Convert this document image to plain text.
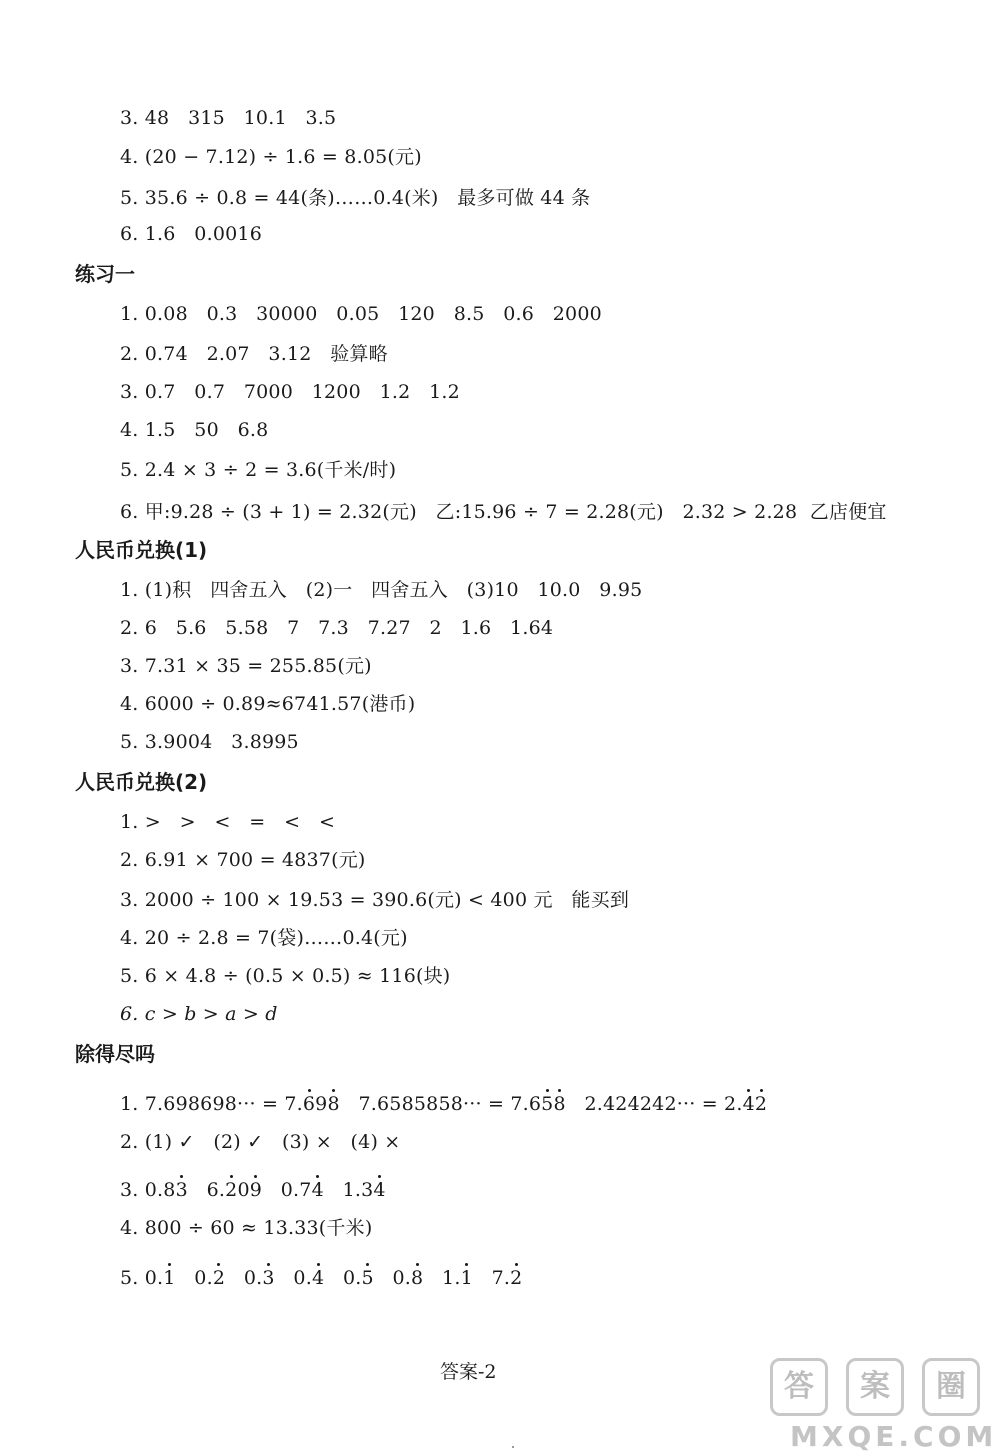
3. 48   315   10.1   3.5
4. (20 − 7.12) ÷ 1.6 = 8.05(元)
5. 35.6 ÷ 0.8 = 44(条)……0.4(米)   最多可做 44 条
6. 1.6   0.0016
练习一
1. 0.08   0.3   30000   0.05   120   8.5   0.6   2000
2. 0.74   2.07   3.12   验算略
3. 0.7   0.7   7000   1200   1.2   1.2
4. 1.5   50   6.8
5. 2.4 × 3 ÷ 2 = 3.6(千米/时)
6. 甲:9.28 ÷ (3 + 1) = 2.32(元)   乙:15.96 ÷ 7 = 2.28(元)   2.32 > 2.28  乙店便宜
人民币兑换(1)
1. (1)积   四舍五入   (2)一   四舍五入   (3)10   10.0   9.95
2. 6   5.6   5.58   7   7.3   7.27   2   1.6   1.64
3. 7.31 × 35 = 255.85(元)
4. 6000 ÷ 0.89≈6741.57(港币)
5. 3.9004   3.8995
人民币兑换(2)
1. >   >   <   =   <   <
2. 6.91 × 700 = 4837(元)
3. 2000 ÷ 100 × 19.53 = 390.6(元) < 400 元   能买到
4. 20 ÷ 2.8 = 7(袋)……0.4(元)
5. 6 × 4.8 ÷ (0.5 × 0.5) ≈ 116(块)
6. c > b > a > d
除得尽吗
1. 7.698698··· = 7.698   7.6585858··· = 7.658   2.424242··· = 2.42
2. (1) ✓   (2) ✓   (3) ×   (4) ×
3. 0.83   6.209   0.74   1.34
4. 800 ÷ 60 ≈ 13.33(千米)
5. 0.1   0.2   0.3   0.4   0.5   0.8   1.1   7.2
答案-2	答	案	圈
MXQE.COM
